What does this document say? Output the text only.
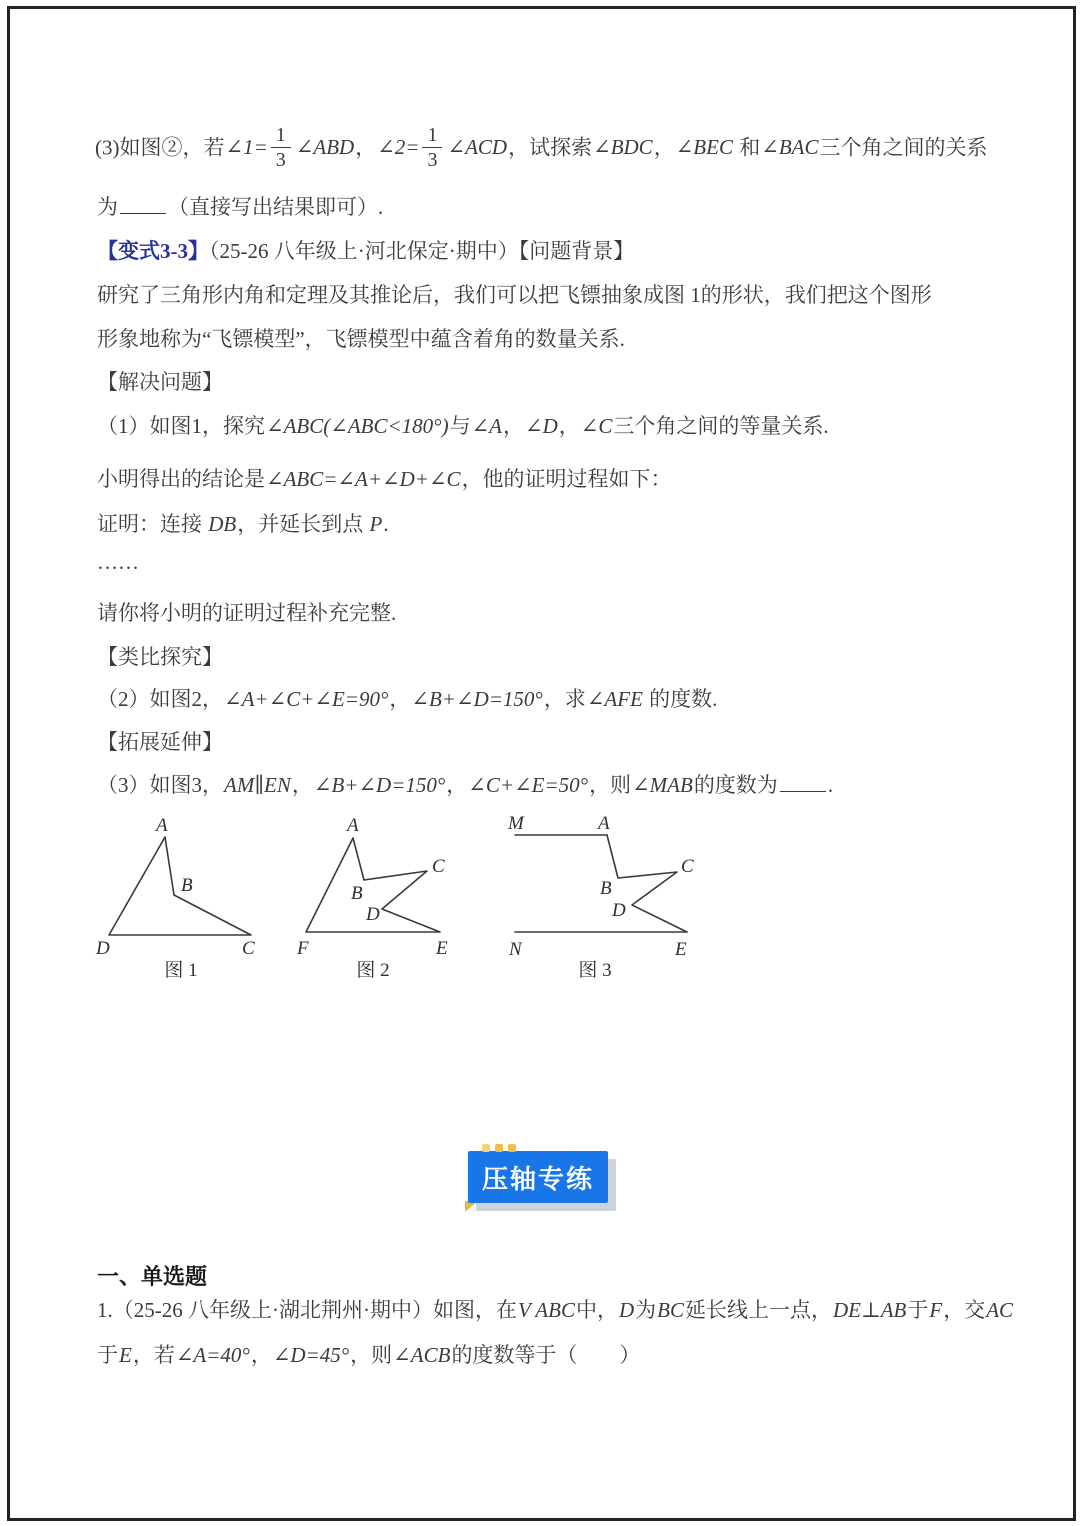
(3)如图②，若∠1= $\frac{1}{3}$ ∠ABD，∠2= $\frac{1}{3}$ ∠ACD，试探索∠BDC，∠BEC 和∠BAC三个角之间的关系

为 （直接写出结果即可）.

【变式3-3】（25-26 八年级上·河北保定·期中）【问题背景】

研究了三角形内角和定理及其推论后，我们可以把飞镖抽象成图 1的形状，我们把这个图形

形象地称为“飞镖模型”，飞镖模型中蕴含着角的数量关系.

【解决问题】

（1）如图1，探究∠ABC(∠ABC<180°)与∠A，∠D，∠C三个角之间的等量关系.

小明得出的结论是∠ABC=∠A+∠D+∠C，他的证明过程如下：

证明：连接 DB，并延长到点 P.

……

请你将小明的证明过程补充完整.

【类比探究】

（2）如图2，∠A+∠C+∠E=90°，∠B+∠D=150°，求∠AFE 的度数.

【拓展延伸】

（3）如图3，AM∥EN，∠B+∠D=150°，∠C+∠E=50°，则∠MAB的度数为 .

A
B
C
D
图 1
A
B
C
D
E
F
图 2
M	A
B
C
D
N	E
图 3
压轴专练
一、单选题

1.（25-26 八年级上·湖北荆州·期中）如图，在V ABC中，D为BC延长线上一点，DE⊥AB于F，交AC

于E，若∠A=40°，∠D=45°，则∠ACB的度数等于（　　）
